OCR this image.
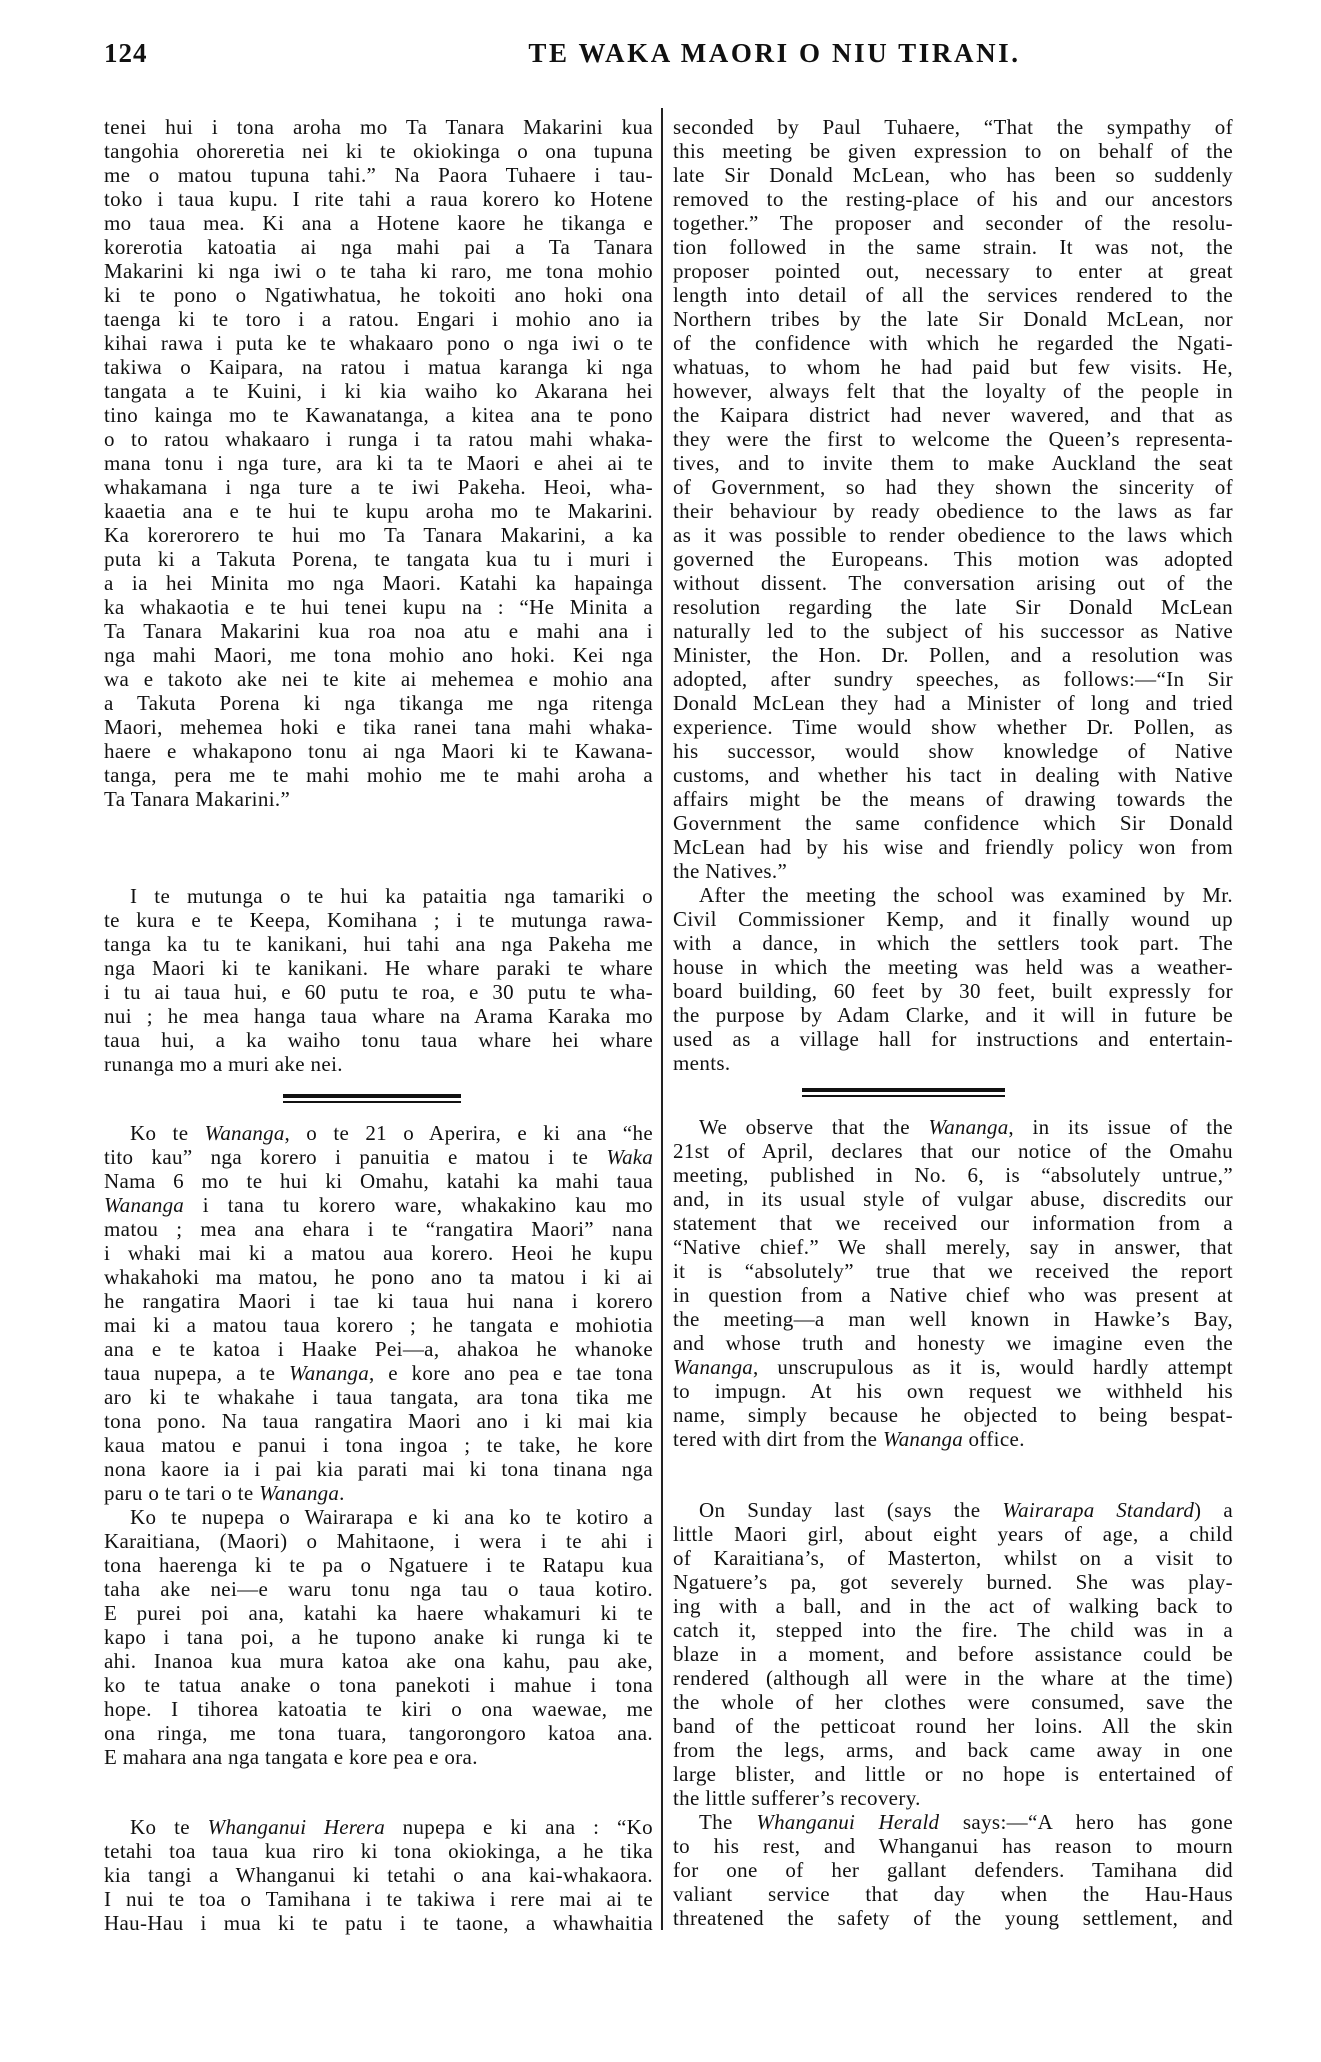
124	TE WAKA MAORI O NIU TIRANI.
tenei hui i tona aroha mo Ta Tanara Makarini kua
tangohia ohoreretia nei ki te okiokinga o ona tupuna
me o matou tupuna tahi.” Na Paora Tuhaere i tau-
toko i taua kupu. I rite tahi a raua korero ko Hotene
mo taua mea. Ki ana a Hotene kaore he tikanga e
korerotia katoatia ai nga mahi pai a Ta Tanara
Makarini ki nga iwi o te taha ki raro, me tona mohio
ki te pono o Ngatiwhatua, he tokoiti ano hoki ona
taenga ki te toro i a ratou. Engari i mohio ano ia
kihai rawa i puta ke te whakaaro pono o nga iwi o te
takiwa o Kaipara, na ratou i matua karanga ki nga
tangata a te Kuini, i ki kia waiho ko Akarana hei
tino kainga mo te Kawanatanga, a kitea ana te pono
o to ratou whakaaro i runga i ta ratou mahi whaka-
mana tonu i nga ture, ara ki ta te Maori e ahei ai te
whakamana i nga ture a te iwi Pakeha. Heoi, wha-
kaaetia ana e te hui te kupu aroha mo te Makarini.
Ka korerorero te hui mo Ta Tanara Makarini, a ka
puta ki a Takuta Porena, te tangata kua tu i muri i
a ia hei Minita mo nga Maori. Katahi ka hapainga
ka whakaotia e te hui tenei kupu na : “He Minita a
Ta Tanara Makarini kua roa noa atu e mahi ana i
nga mahi Maori, me tona mohio ano hoki. Kei nga
wa e takoto ake nei te kite ai mehemea e mohio ana
a Takuta Porena ki nga tikanga me nga ritenga
Maori, mehemea hoki e tika ranei tana mahi whaka-
haere e whakapono tonu ai nga Maori ki te Kawana-
tanga, pera me te mahi mohio me te mahi aroha a
Ta Tanara Makarini.”
I te mutunga o te hui ka pataitia nga tamariki o
te kura e te Keepa, Komihana ; i te mutunga rawa-
tanga ka tu te kanikani, hui tahi ana nga Pakeha me
nga Maori ki te kanikani. He whare paraki te whare
i tu ai taua hui, e 60 putu te roa, e 30 putu te wha-
nui ; he mea hanga taua whare na Arama Karaka mo
taua hui, a ka waiho tonu taua whare hei whare
runanga mo a muri ake nei.
Ko te Wananga, o te 21 o Aperira, e ki ana “he
tito kau” nga korero i panuitia e matou i te Waka
Nama 6 mo te hui ki Omahu, katahi ka mahi taua
Wananga i tana tu korero ware, whakakino kau mo
matou ; mea ana ehara i te “rangatira Maori” nana
i whaki mai ki a matou aua korero. Heoi he kupu
whakahoki ma matou, he pono ano ta matou i ki ai
he rangatira Maori i tae ki taua hui nana i korero
mai ki a matou taua korero ; he tangata e mohiotia
ana e te katoa i Haake Pei—a, ahakoa he whanoke
taua nupepa, a te Wananga, e kore ano pea e tae tona
aro ki te whakahe i taua tangata, ara tona tika me
tona pono. Na taua rangatira Maori ano i ki mai kia
kaua matou e panui i tona ingoa ; te take, he kore
nona kaore ia i pai kia parati mai ki tona tinana nga
paru o te tari o te Wananga.
Ko te nupepa o Wairarapa e ki ana ko te kotiro a
Karaitiana, (Maori) o Mahitaone, i wera i te ahi i
tona haerenga ki te pa o Ngatuere i te Ratapu kua
taha ake nei—e waru tonu nga tau o taua kotiro.
E purei poi ana, katahi ka haere whakamuri ki te
kapo i tana poi, a he tupono anake ki runga ki te
ahi. Inanoa kua mura katoa ake ona kahu, pau ake,
ko te tatua anake o tona panekoti i mahue i tona
hope. I tihorea katoatia te kiri o ona waewae, me
ona ringa, me tona tuara, tangorongoro katoa ana.
E mahara ana nga tangata e kore pea e ora.
Ko te Whanganui Herera nupepa e ki ana : “Ko
tetahi toa taua kua riro ki tona okiokinga, a he tika
kia tangi a Whanganui ki tetahi o ana kai-whakaora.
I nui te toa o Tamihana i te takiwa i rere mai ai te
Hau-Hau i mua ki te patu i te taone, a whawhaitia
seconded by Paul Tuhaere, “That the sympathy of
this meeting be given expression to on behalf of the
late Sir Donald McLean, who has been so suddenly
removed to the resting-place of his and our ancestors
together.” The proposer and seconder of the resolu-
tion followed in the same strain. It was not, the
proposer pointed out, necessary to enter at great
length into detail of all the services rendered to the
Northern tribes by the late Sir Donald McLean, nor
of the confidence with which he regarded the Ngati-
whatuas, to whom he had paid but few visits. He,
however, always felt that the loyalty of the people in
the Kaipara district had never wavered, and that as
they were the first to welcome the Queen’s representa-
tives, and to invite them to make Auckland the seat
of Government, so had they shown the sincerity of
their behaviour by ready obedience to the laws as far
as it was possible to render obedience to the laws which
governed the Europeans. This motion was adopted
without dissent. The conversation arising out of the
resolution regarding the late Sir Donald McLean
naturally led to the subject of his successor as Native
Minister, the Hon. Dr. Pollen, and a resolution was
adopted, after sundry speeches, as follows:—“In Sir
Donald McLean they had a Minister of long and tried
experience. Time would show whether Dr. Pollen, as
his successor, would show knowledge of Native
customs, and whether his tact in dealing with Native
affairs might be the means of drawing towards the
Government the same confidence which Sir Donald
McLean had by his wise and friendly policy won from
the Natives.”
After the meeting the school was examined by Mr.
Civil Commissioner Kemp, and it finally wound up
with a dance, in which the settlers took part. The
house in which the meeting was held was a weather-
board building, 60 feet by 30 feet, built expressly for
the purpose by Adam Clarke, and it will in future be
used as a village hall for instructions and entertain-
ments.
We observe that the Wananga, in its issue of the
21st of April, declares that our notice of the Omahu
meeting, published in No. 6, is “absolutely untrue,”
and, in its usual style of vulgar abuse, discredits our
statement that we received our information from a
“Native chief.” We shall merely, say in answer, that
it is “absolutely” true that we received the report
in question from a Native chief who was present at
the meeting—a man well known in Hawke’s Bay,
and whose truth and honesty we imagine even the
Wananga, unscrupulous as it is, would hardly attempt
to impugn. At his own request we withheld his
name, simply because he objected to being bespat-
tered with dirt from the Wananga office.
On Sunday last (says the Wairarapa Standard) a
little Maori girl, about eight years of age, a child
of Karaitiana’s, of Masterton, whilst on a visit to
Ngatuere’s pa, got severely burned. She was play-
ing with a ball, and in the act of walking back to
catch it, stepped into the fire. The child was in a
blaze in a moment, and before assistance could be
rendered (although all were in the whare at the time)
the whole of her clothes were consumed, save the
band of the petticoat round her loins. All the skin
from the legs, arms, and back came away in one
large blister, and little or no hope is entertained of
the little sufferer’s recovery.
The Whanganui Herald says:—“A hero has gone
to his rest, and Whanganui has reason to mourn
for one of her gallant defenders. Tamihana did
valiant service that day when the Hau-Haus
threatened the safety of the young settlement, and
